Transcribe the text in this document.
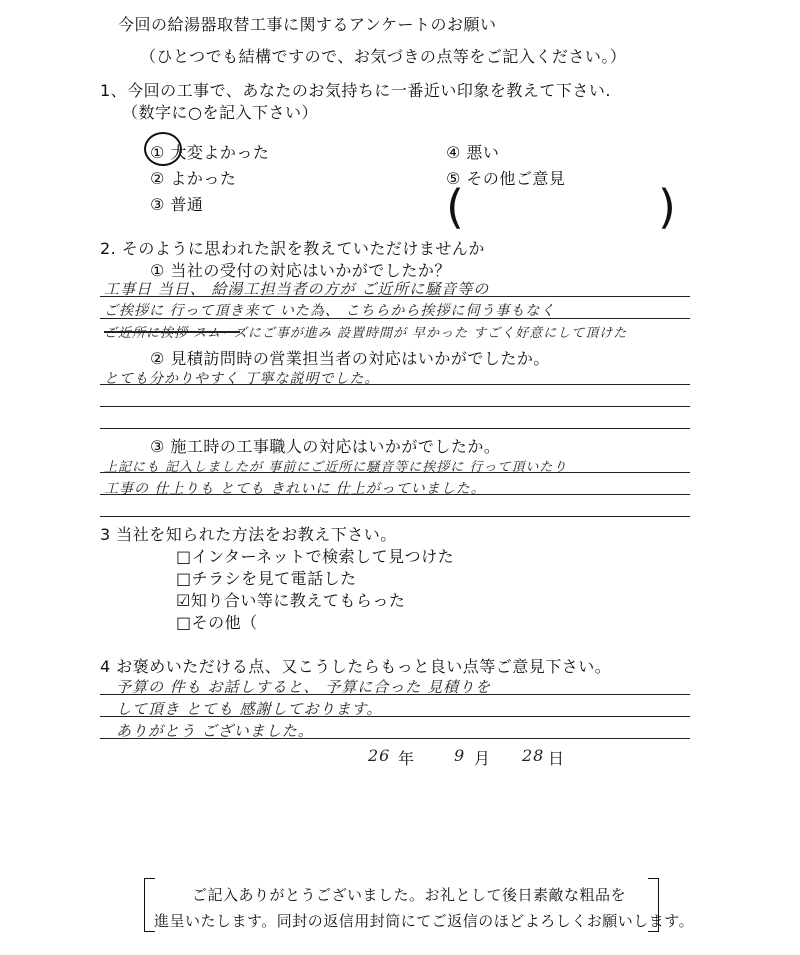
今回の給湯器取替工事に関するアンケートのお願い
（ひとつでも結構ですので、お気づきの点等をご記入ください。）
1、今回の工事で、あなたのお気持ちに一番近い印象を教えて下さい.
（数字に○を記入下さい）
① 大変よかった
② よかった
③ 普通
④ 悪い
⑤ その他ご意見
(	)
2. そのように思われた訳を教えていただけませんか
① 当社の受付の対応はいかがでしたか？
工事日 当日、 給湯工担当者の方が ご近所に騒音等の
ご挨拶に 行って頂き来て いた為、 こちらから挨拶に伺う事もなく
ご近所に挨拶 スムーズにご事が進み 設置時間が 早かった すごく好意にして頂けた
② 見積訪問時の営業担当者の対応はいかがでしたか。
とても分かりやすく 丁寧な説明でした。
③ 施工時の工事職人の対応はいかがでしたか。
上記にも 記入しましたが 事前にご近所に騒音等に挨拶に 行って頂いたり
工事の 仕上りも とても きれいに 仕上がっていました。
3 当社を知られた方法をお教え下さい。
□インターネットで検索して見つけた
□チラシを見て電話した
☑知り合い等に教えてもらった
□その他（
4 お褒めいただける点、又こうしたらもっと良い点等ご意見下さい。
予算の 件も お話しすると、 予算に合った 見積りを
して頂き とても 感謝しております。
ありがとう ございました。
26 年 9 月 28 日
ご記入ありがとうございました。お礼として後日素敵な粗品を
進呈いたします。同封の返信用封筒にてご返信のほどよろしくお願いします。
